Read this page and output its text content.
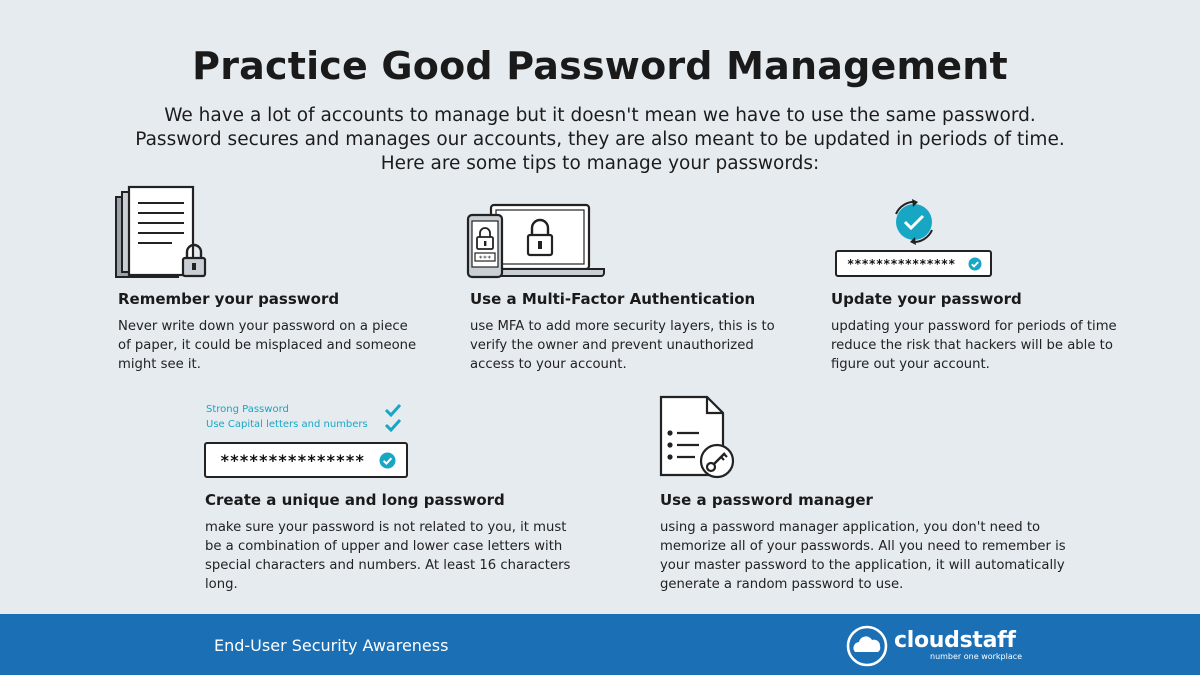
Practice Good Password Management
We have a lot of accounts to manage but it doesn't mean we have to use the same password. Password secures and manages our accounts, they are also meant to be updated in periods of time. Here are some tips to manage your passwords:
***	***************
Strong Password
Use Capital letters and numbers
***************
Remember your password

Never write down your password on a piece of paper, it could be misplaced and someone might see it.

Use a Multi-Factor Authentication

use MFA to add more security layers, this is to verify the owner and prevent unauthorized access to your account.

Update your password

updating your password for periods of time reduce the risk that hackers will be able to figure out your account.

Create a unique and long password

make sure your password is not related to you, it must be a combination of upper and lower case letters with special characters and numbers. At least 16 characters long.

Use a password manager

using a password manager application, you don't need to memorize all of your passwords. All you need to remember is your master password to the application, it will automatically generate a random password to use.

End-User Security Awareness	cloudstaff
number one workplace
